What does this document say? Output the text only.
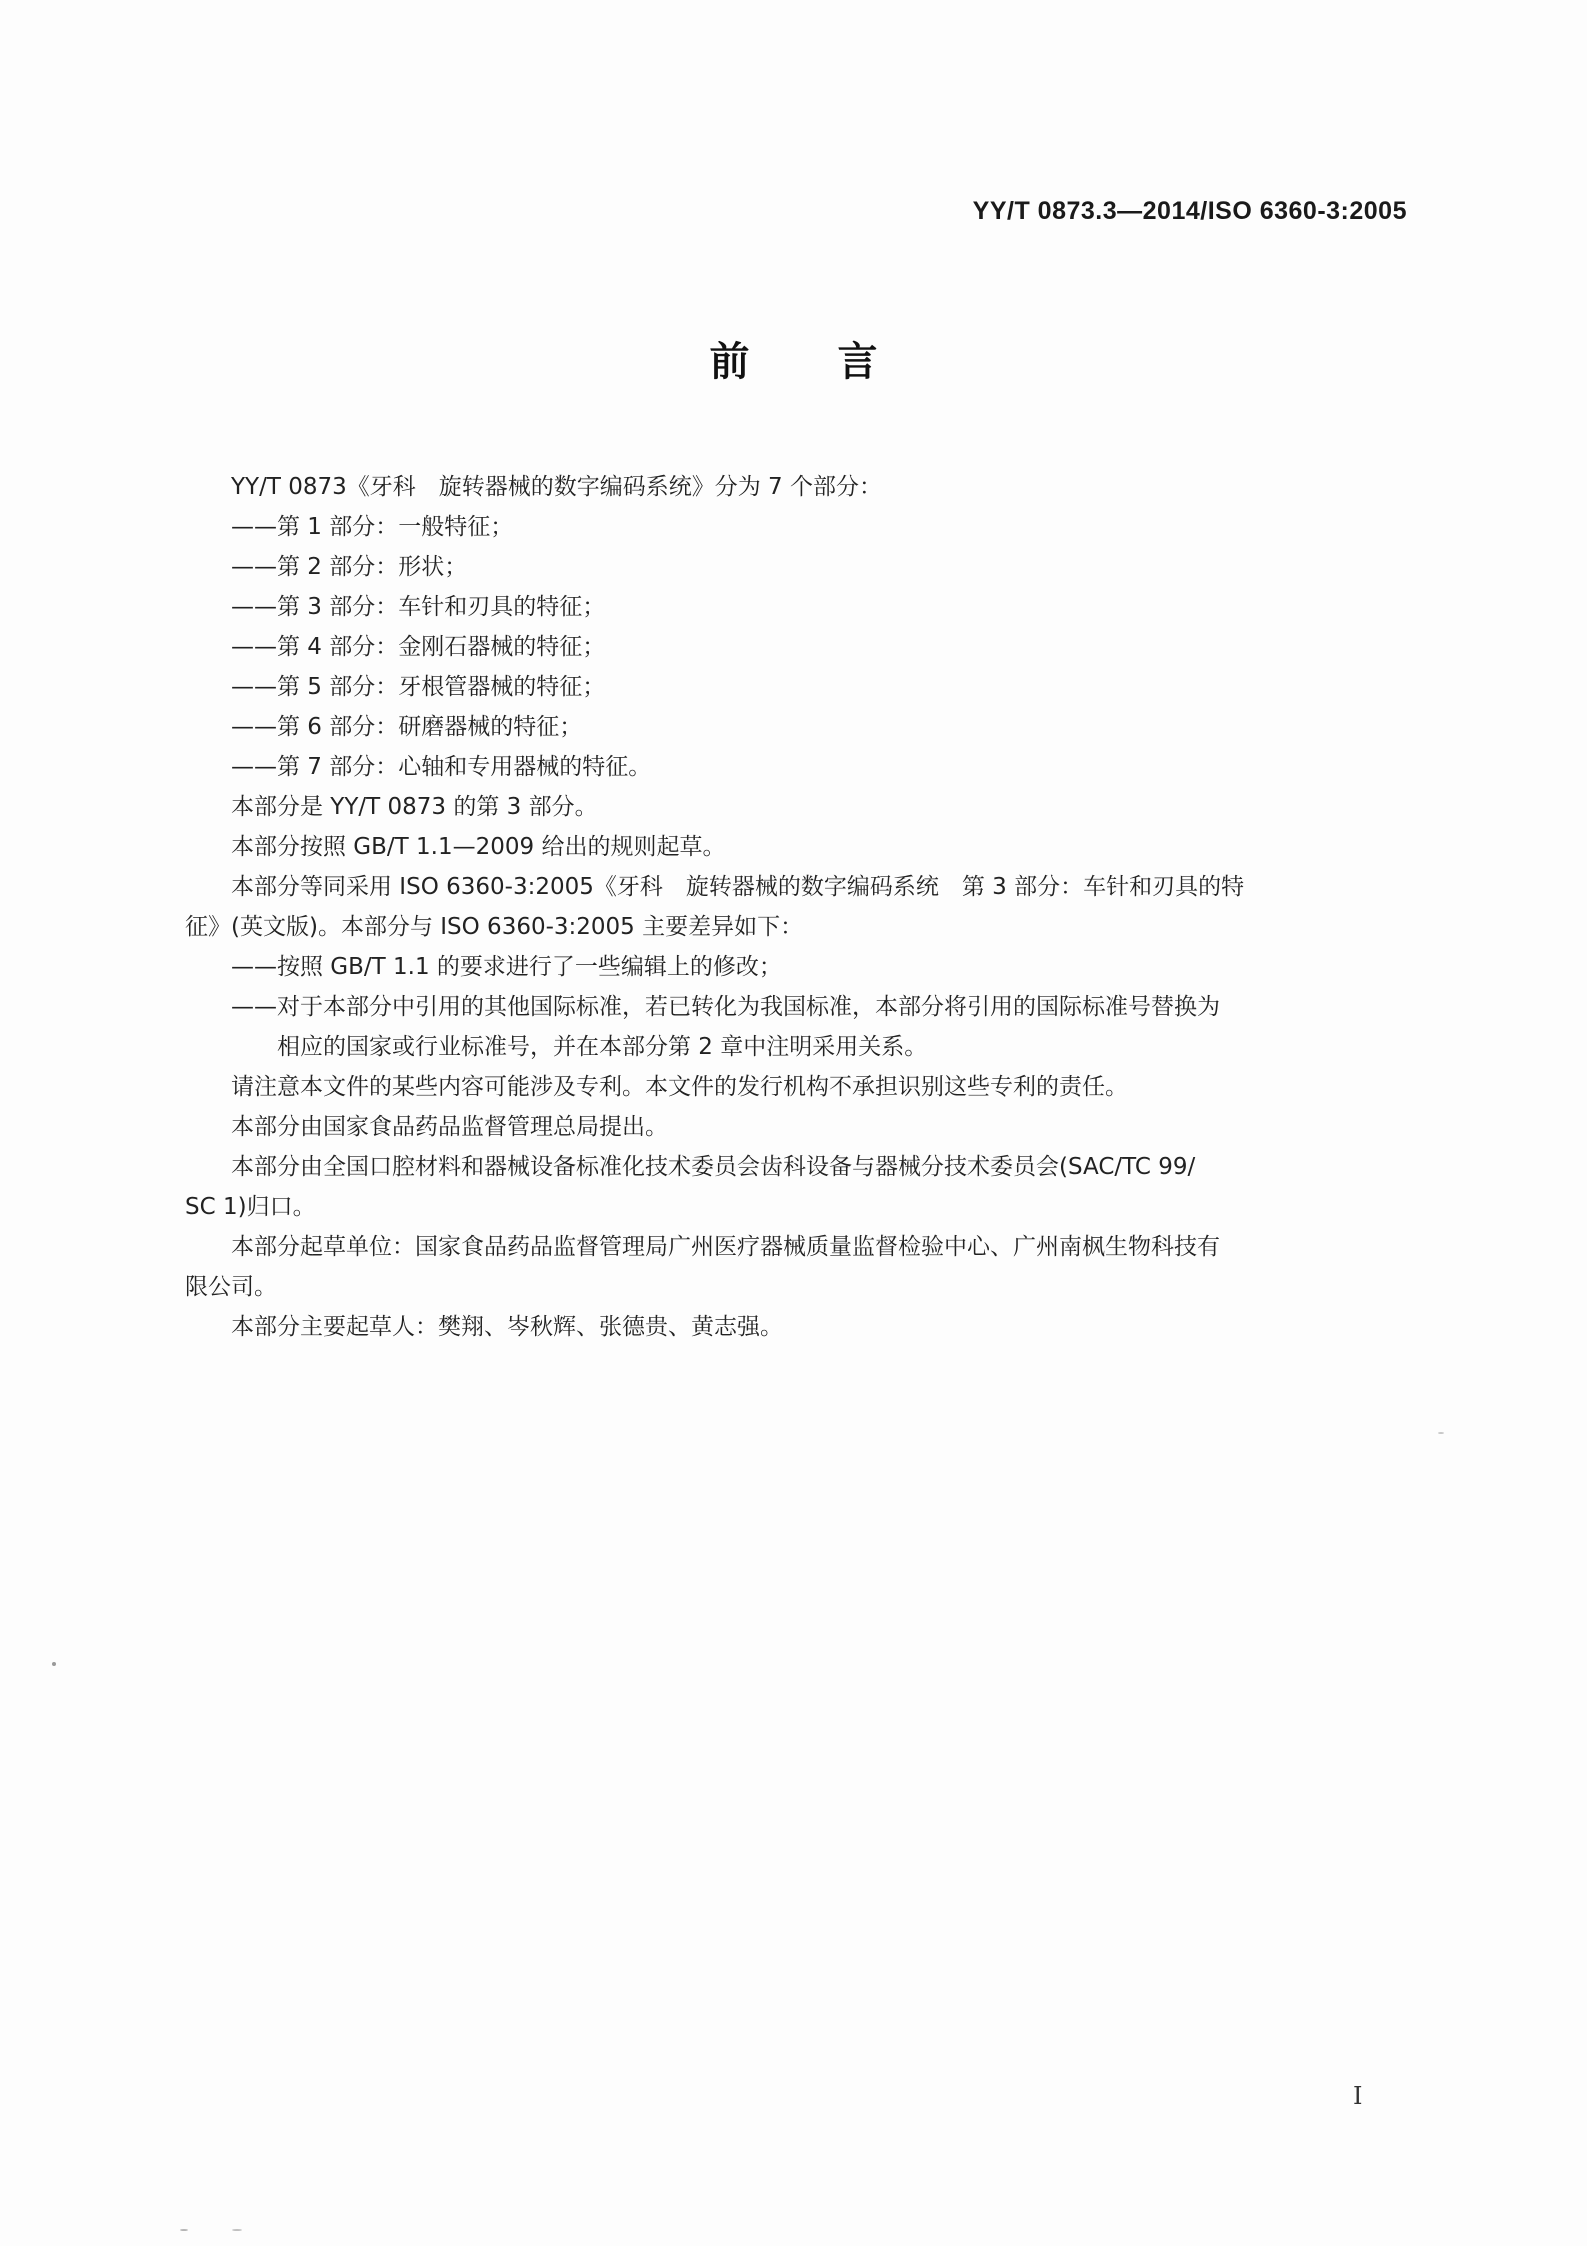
YY/T 0873.3—2014/ISO 6360-3:2005
前 言
YY/T 0873《牙科　旋转器械的数字编码系统》分为 7 个部分：
——第 1 部分：一般特征；
——第 2 部分：形状；
——第 3 部分：车针和刃具的特征；
——第 4 部分：金刚石器械的特征；
——第 5 部分：牙根管器械的特征；
——第 6 部分：研磨器械的特征；
——第 7 部分：心轴和专用器械的特征。
本部分是 YY/T 0873 的第 3 部分。
本部分按照 GB/T 1.1—2009 给出的规则起草。
本部分等同采用 ISO 6360-3:2005《牙科　旋转器械的数字编码系统　第 3 部分：车针和刃具的特
征》(英文版)。本部分与 ISO 6360-3:2005 主要差异如下：
——按照 GB/T 1.1 的要求进行了一些编辑上的修改；
——对于本部分中引用的其他国际标准，若已转化为我国标准，本部分将引用的国际标准号替换为
相应的国家或行业标准号，并在本部分第 2 章中注明采用关系。
请注意本文件的某些内容可能涉及专利。本文件的发行机构不承担识别这些专利的责任。
本部分由国家食品药品监督管理总局提出。
本部分由全国口腔材料和器械设备标准化技术委员会齿科设备与器械分技术委员会(SAC/TC 99/
SC 1)归口。
本部分起草单位：国家食品药品监督管理局广州医疗器械质量监督检验中心、广州南枫生物科技有
限公司。
本部分主要起草人：樊翔、岑秋辉、张德贵、黄志强。
I
